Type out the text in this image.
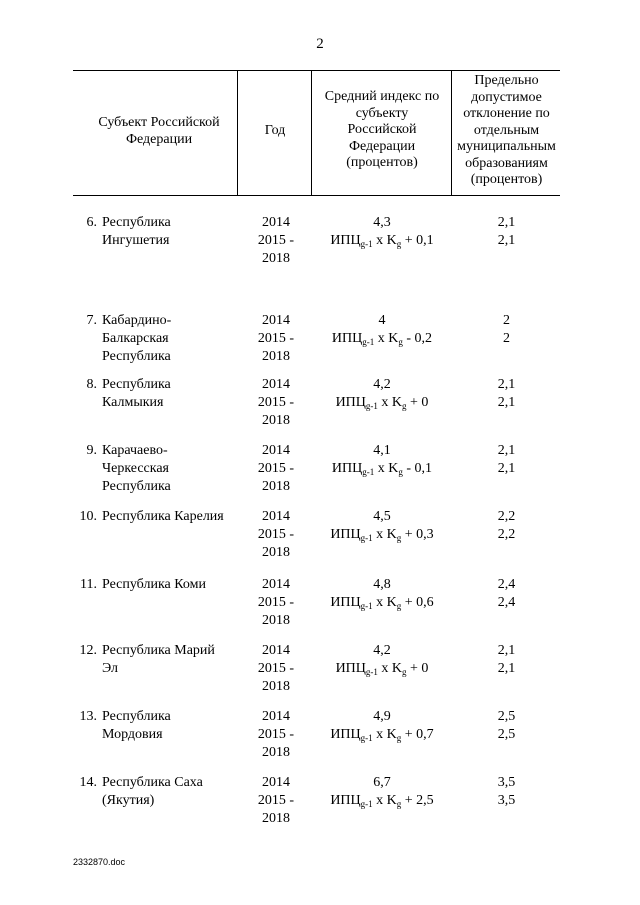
2
Субъект Российской
Федерации
Год
Средний индекс по
субъекту
Российской
Федерации
(процентов)
Предельно
допустимое
отклонение по
отдельным
муниципальным
образованиям
(процентов)
6. Республика
Ингушетия
2014
2015 -
2018
4,3
$ИПЦ_{g-1}$ x $K_g + 0,1$
2,1
2,1
7. Кабардино-
Балкарская
Республика
2014
2015 -
2018
4
$ИПЦ_{g-1}$ x $K_g - 0,2$
2
2
8. Республика
Калмыкия
2014
2015 -
2018
4,2
$ИПЦ_{g-1}$ x $K_g + 0$
2,1
2,1
9. Карачаево-
Черкесская
Республика
2014
2015 -
2018
4,1
$ИПЦ_{g-1}$ x $K_g - 0,1$
2,1
2,1
10. Республика Карелия	2014
2015 -
2018
4,5
$ИПЦ_{g-1}$ x $K_g + 0,3$
2,2
2,2
11. Республика Коми	2014
2015 -
2018
4,8
$ИПЦ_{g-1}$ x $K_g + 0,6$
2,4
2,4
12. Республика Марий
Эл
2014
2015 -
2018
4,2
$ИПЦ_{g-1}$ x $K_g + 0$
2,1
2,1
13. Республика
Мордовия
2014
2015 -
2018
4,9
$ИПЦ_{g-1}$ x $K_g + 0,7$
2,5
2,5
14. Республика Саха
(Якутия)
2014
2015 -
2018
6,7
$ИПЦ_{g-1}$ x $K_g + 2,5$
3,5
3,5
2332870.doc
